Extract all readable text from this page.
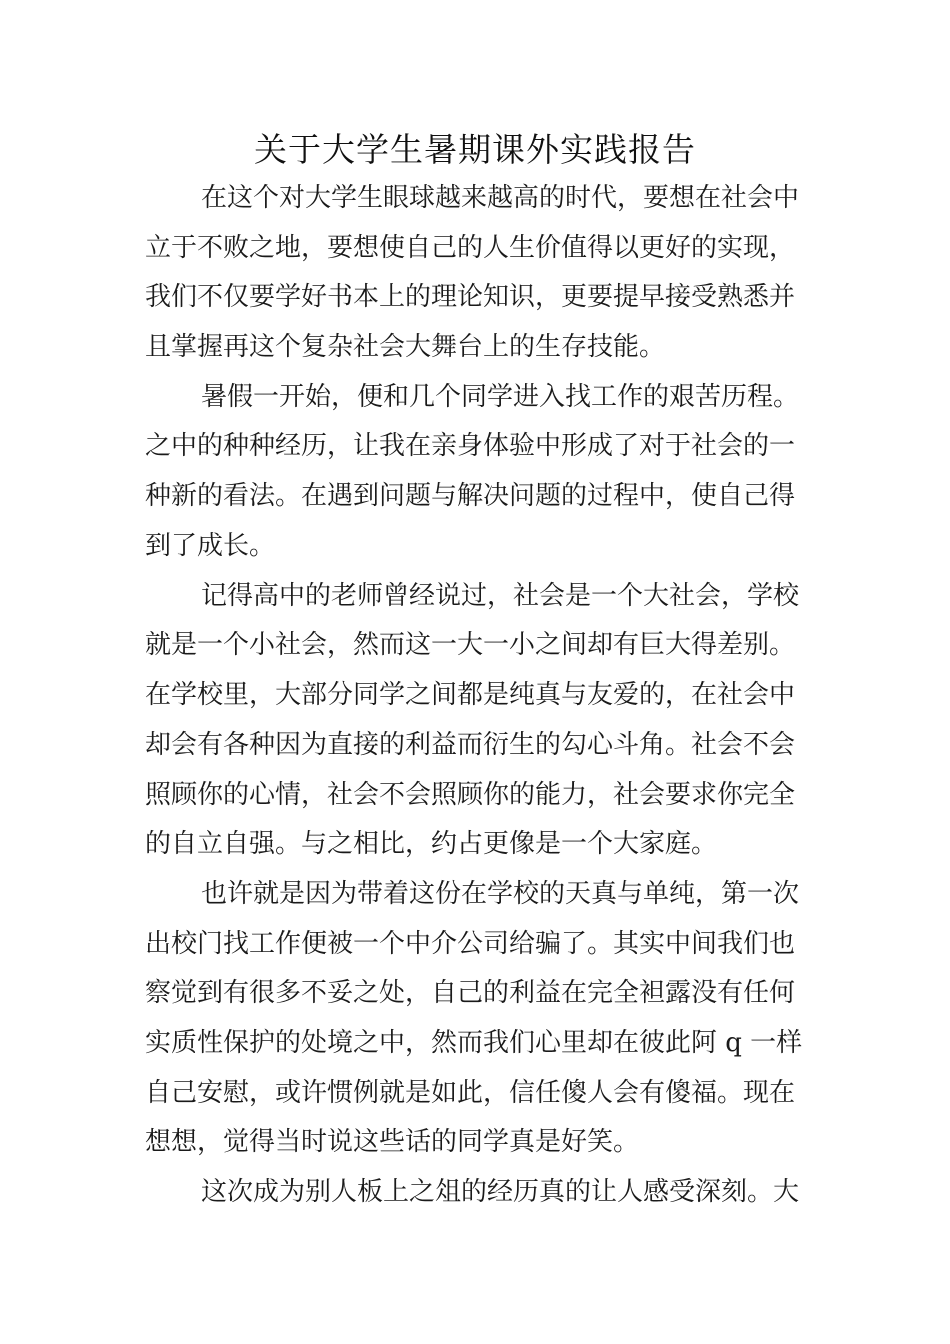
关于大学生暑期课外实践报告
在这个对大学生眼球越来越高的时代，要想在社会中
立于不败之地，要想使自己的人生价值得以更好的实现，
我们不仅要学好书本上的理论知识，更要提早接受熟悉并
且掌握再这个复杂社会大舞台上的生存技能。
暑假一开始，便和几个同学进入找工作的艰苦历程。
之中的种种经历，让我在亲身体验中形成了对于社会的一
种新的看法。在遇到问题与解决问题的过程中，使自己得
到了成长。
记得高中的老师曾经说过，社会是一个大社会，学校
就是一个小社会，然而这一大一小之间却有巨大得差别。
在学校里，大部分同学之间都是纯真与友爱的，在社会中
却会有各种因为直接的利益而衍生的勾心斗角。社会不会
照顾你的心情，社会不会照顾你的能力，社会要求你完全
的自立自强。与之相比，约占更像是一个大家庭。
也许就是因为带着这份在学校的天真与单纯，第一次
出校门找工作便被一个中介公司给骗了。其实中间我们也
察觉到有很多不妥之处，自己的利益在完全袒露没有任何
实质性保护的处境之中，然而我们心里却在彼此阿 q 一样
自己安慰，或许惯例就是如此，信任傻人会有傻福。现在
想想，觉得当时说这些话的同学真是好笑。
这次成为别人板上之俎的经历真的让人感受深刻。大
